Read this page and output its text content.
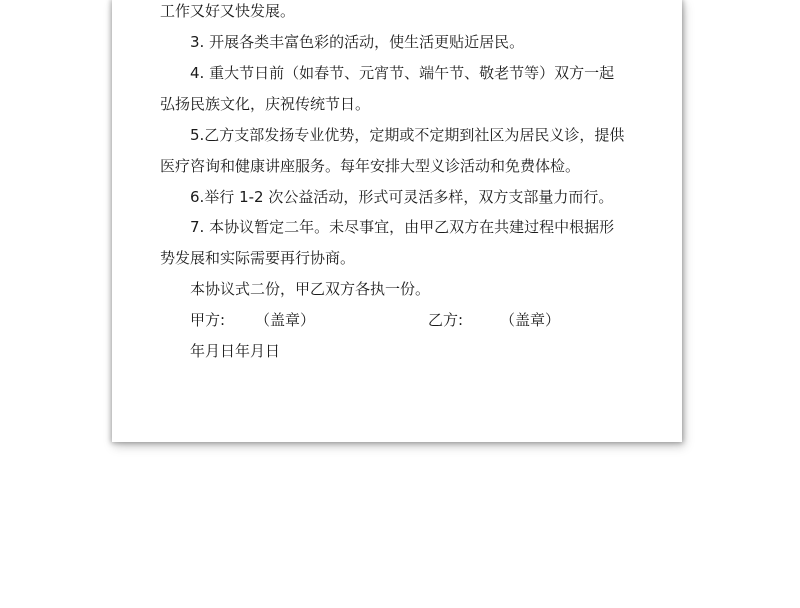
工作又好又快发展。

3. 开展各类丰富色彩的活动，使生活更贴近居民。

4. 重大节日前（如春节、元宵节、端午节、敬老节等）双方一起

弘扬民族文化，庆祝传统节日。

5.乙方支部发扬专业优势，定期或不定期到社区为居民义诊，提供

医疗咨询和健康讲座服务。每年安排大型义诊活动和免费体检。

6.举行 1-2 次公益活动，形式可灵活多样，双方支部量力而行。

7. 本协议暂定二年。未尽事宜，由甲乙双方在共建过程中根据形

势发展和实际需要再行协商。

本协议式二份，甲乙双方各执一份。

甲方: （盖章）	乙方: （盖章）

年月日年月日
